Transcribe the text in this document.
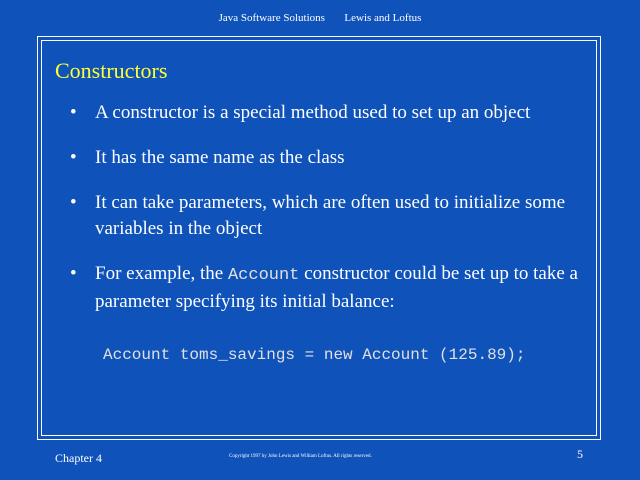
Java Software Solutions Lewis and Loftus
Constructors
• A constructor is a special method used to set up an object
• It has the same name as the class
• It can take parameters, which are often used to initialize some variables in the object
• For example, the Account constructor could be set up to take a parameter specifying its initial balance:
Account toms_savings = new Account (125.89);
Chapter 4	Copyright 1997 by John Lewis and William Loftus. All rights reserved.	5
